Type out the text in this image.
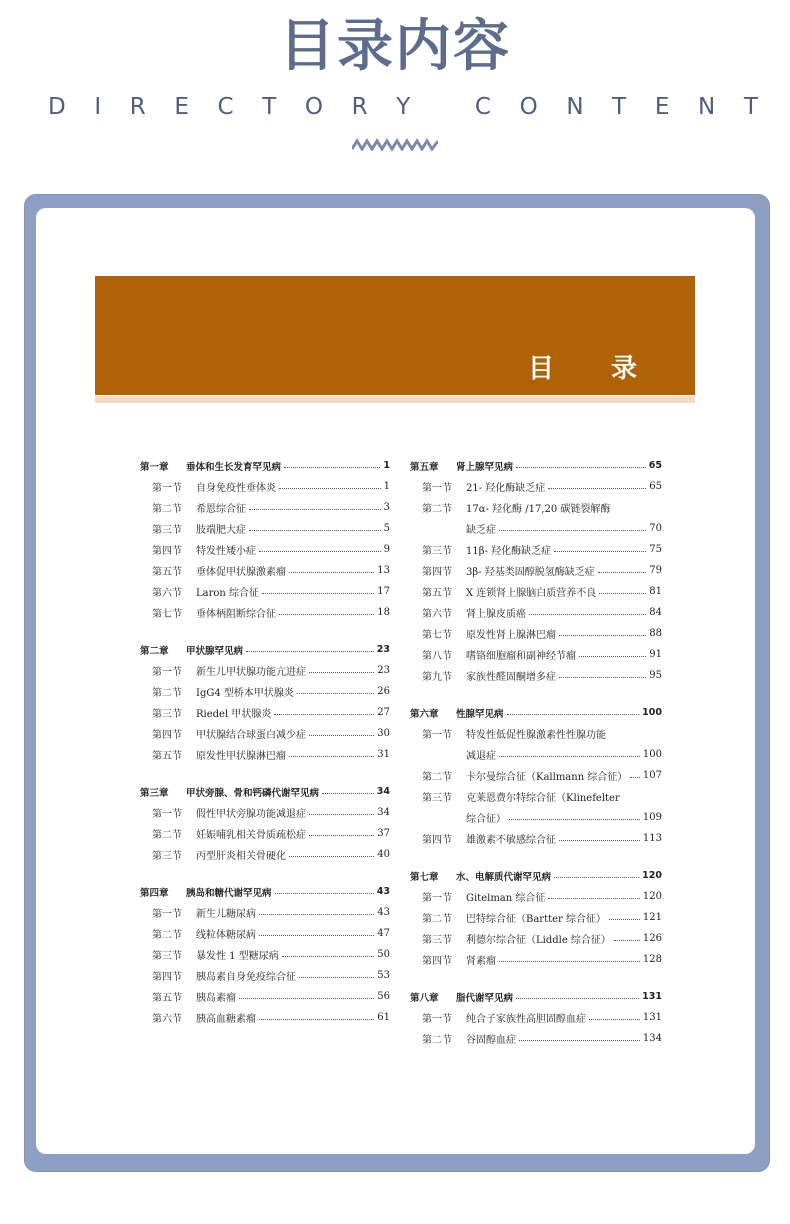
目录内容
D I R E C T O R Y
	C O N T E N T
目 录
第一章	垂体和生长发育罕见病	1
第一节	自身免疫性垂体炎	1
第二节	希恩综合征	3
第三节	肢端肥大症	5
第四节	特发性矮小症	9
第五节	垂体促甲状腺激素瘤	13
第六节	Laron 综合征	17
第七节	垂体柄阻断综合征	18
第二章	甲状腺罕见病	23
第一节	新生儿甲状腺功能亢进症	23
第二节	IgG4 型桥本甲状腺炎	26
第三节	Riedel 甲状腺炎	27
第四节	甲状腺结合球蛋白减少症	30
第五节	原发性甲状腺淋巴瘤	31
第三章	甲状旁腺、骨和钙磷代谢罕见病	34
第一节	假性甲状旁腺功能减退症	34
第二节	妊娠哺乳相关骨质疏松症	37
第三节	丙型肝炎相关骨硬化	40
第四章	胰岛和糖代谢罕见病	43
第一节	新生儿糖尿病	43
第二节	线粒体糖尿病	47
第三节	暴发性 1 型糖尿病	50
第四节	胰岛素自身免疫综合征	53
第五节	胰岛素瘤	56
第六节	胰高血糖素瘤	61
第五章	肾上腺罕见病	65
第一节	21- 羟化酶缺乏症	65
第二节	17α- 羟化酶 /17,20 碳链裂解酶
缺乏症	70
第三节	11β- 羟化酶缺乏症	75
第四节	3β- 羟基类固醇脱氢酶缺乏症	79
第五节	X 连锁肾上腺脑白质营养不良	81
第六节	肾上腺皮质癌	84
第七节	原发性肾上腺淋巴瘤	88
第八节	嗜铬细胞瘤和副神经节瘤	91
第九节	家族性醛固酮增多症	95
第六章	性腺罕见病	100
第一节	特发性低促性腺激素性性腺功能
减退症	100
第二节	卡尔曼综合征（Kallmann 综合征） 107
第三节	克莱恩费尔特综合征（Klinefelter
综合征）	109
第四节	雄激素不敏感综合征	113
第七章	水、电解质代谢罕见病	120
第一节	Gitelman 综合征	120
第二节	巴特综合征（Bartter 综合征）	121
第三节	利德尔综合征（Liddle 综合征）	126
第四节	肾素瘤	128
第八章	脂代谢罕见病	131
第一节	纯合子家族性高胆固醇血症	131
第二节	谷固醇血症	134
